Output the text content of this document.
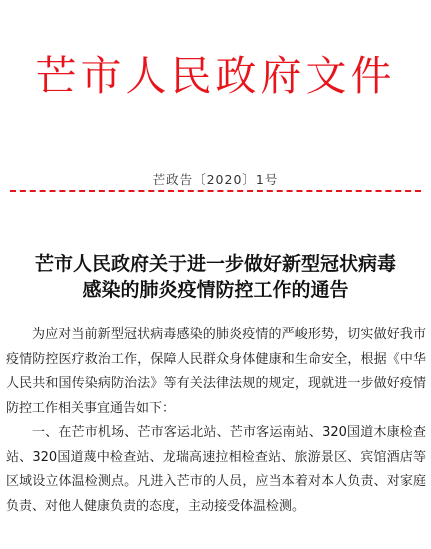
芒市人民政府文件
芒政告〔2020〕1号
芒市人民政府关于进一步做好新型冠状病毒
感染的肺炎疫情防控工作的通告

为应对当前新型冠状病毒感染的肺炎疫情的严峻形势，切实做好我市疫情防控医疗救治工作，保障人民群众身体健康和生命安全，根据《中华人民共和国传染病防治法》等有关法律法规的规定，现就进一步做好疫情防控工作相关事宜通告如下：

一、在芒市机场、芒市客运北站、芒市客运南站、320国道木康检查站、320国道蔑中检查站、龙瑞高速拉相检查站、旅游景区、宾馆酒店等区域设立体温检测点。凡进入芒市的人员，应当本着对本人负责、对家庭负责、对他人健康负责的态度，主动接受体温检测。
